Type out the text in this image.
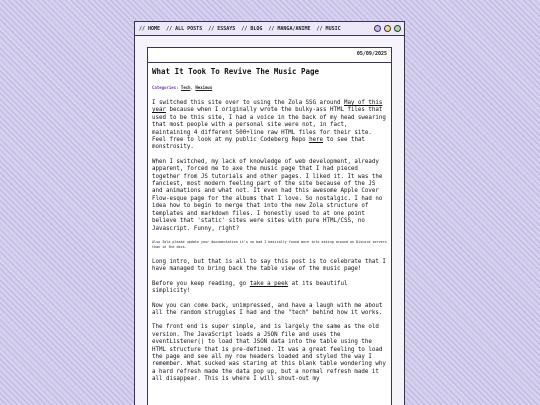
// HOME // ALL POSTS // ESSAYS // BLOG // MANGA/ANIME // MUSIC
05/09/2025
What It Took To Revive The Music Page
Categories: Tech, Neximus

I switched this site over to using the Zola SSG around May of this year because when I originally wrote the bulky-ass HTML files that used to be this site, I had a voice in the back of my head swearing that most people with a personal site were not, in fact, maintaining 4 different 500+line raw HTML files for their site. Feel free to look at my public Codeberg Repo here to see that monstrosity.

When I switched, my lack of knowledge of web development, already apparent, forced me to axe the music page that I had pieced together from JS tutorials and other pages. I liked it. It was the fanciest, most modern feeling part of the site because of the JS and animations and what not. It even had this awesome Apple Cover Flow-esque page for the albums that I love. So nostalgic. I had no idea how to begin to merge that into the new Zola structure of templates and markdown files. I honestly used to at one point believe that 'static' sites were sites with pure HTML/CSS, no Javascript. Funny, right?

Also Zola please update your documentation it's so bad I basically found more info asking around on Discord servers than in the docs.

Long intro, but that is all to say this post is to celebrate that I have managed to bring back the table view of the music page!

Before you keep reading, go take a peek at its beautiful simplicity!

Now you can come back, unimpressed, and have a laugh with me about all the random struggles I had and the "tech" behind how it works.

The front end is super simple, and is largely the same as the old version. The JavaScript loads a JSON file and uses the eventListener() to load that JSON data into the table using the HTML structure that is pre-defined. It was a great feeling to load the page and see all my row headers loaded and styled the way I remember. What sucked was staring at this blank table wondering why a hard refresh made the data pop up, but a normal refresh made it all disappear. This is where I will shout-out my
